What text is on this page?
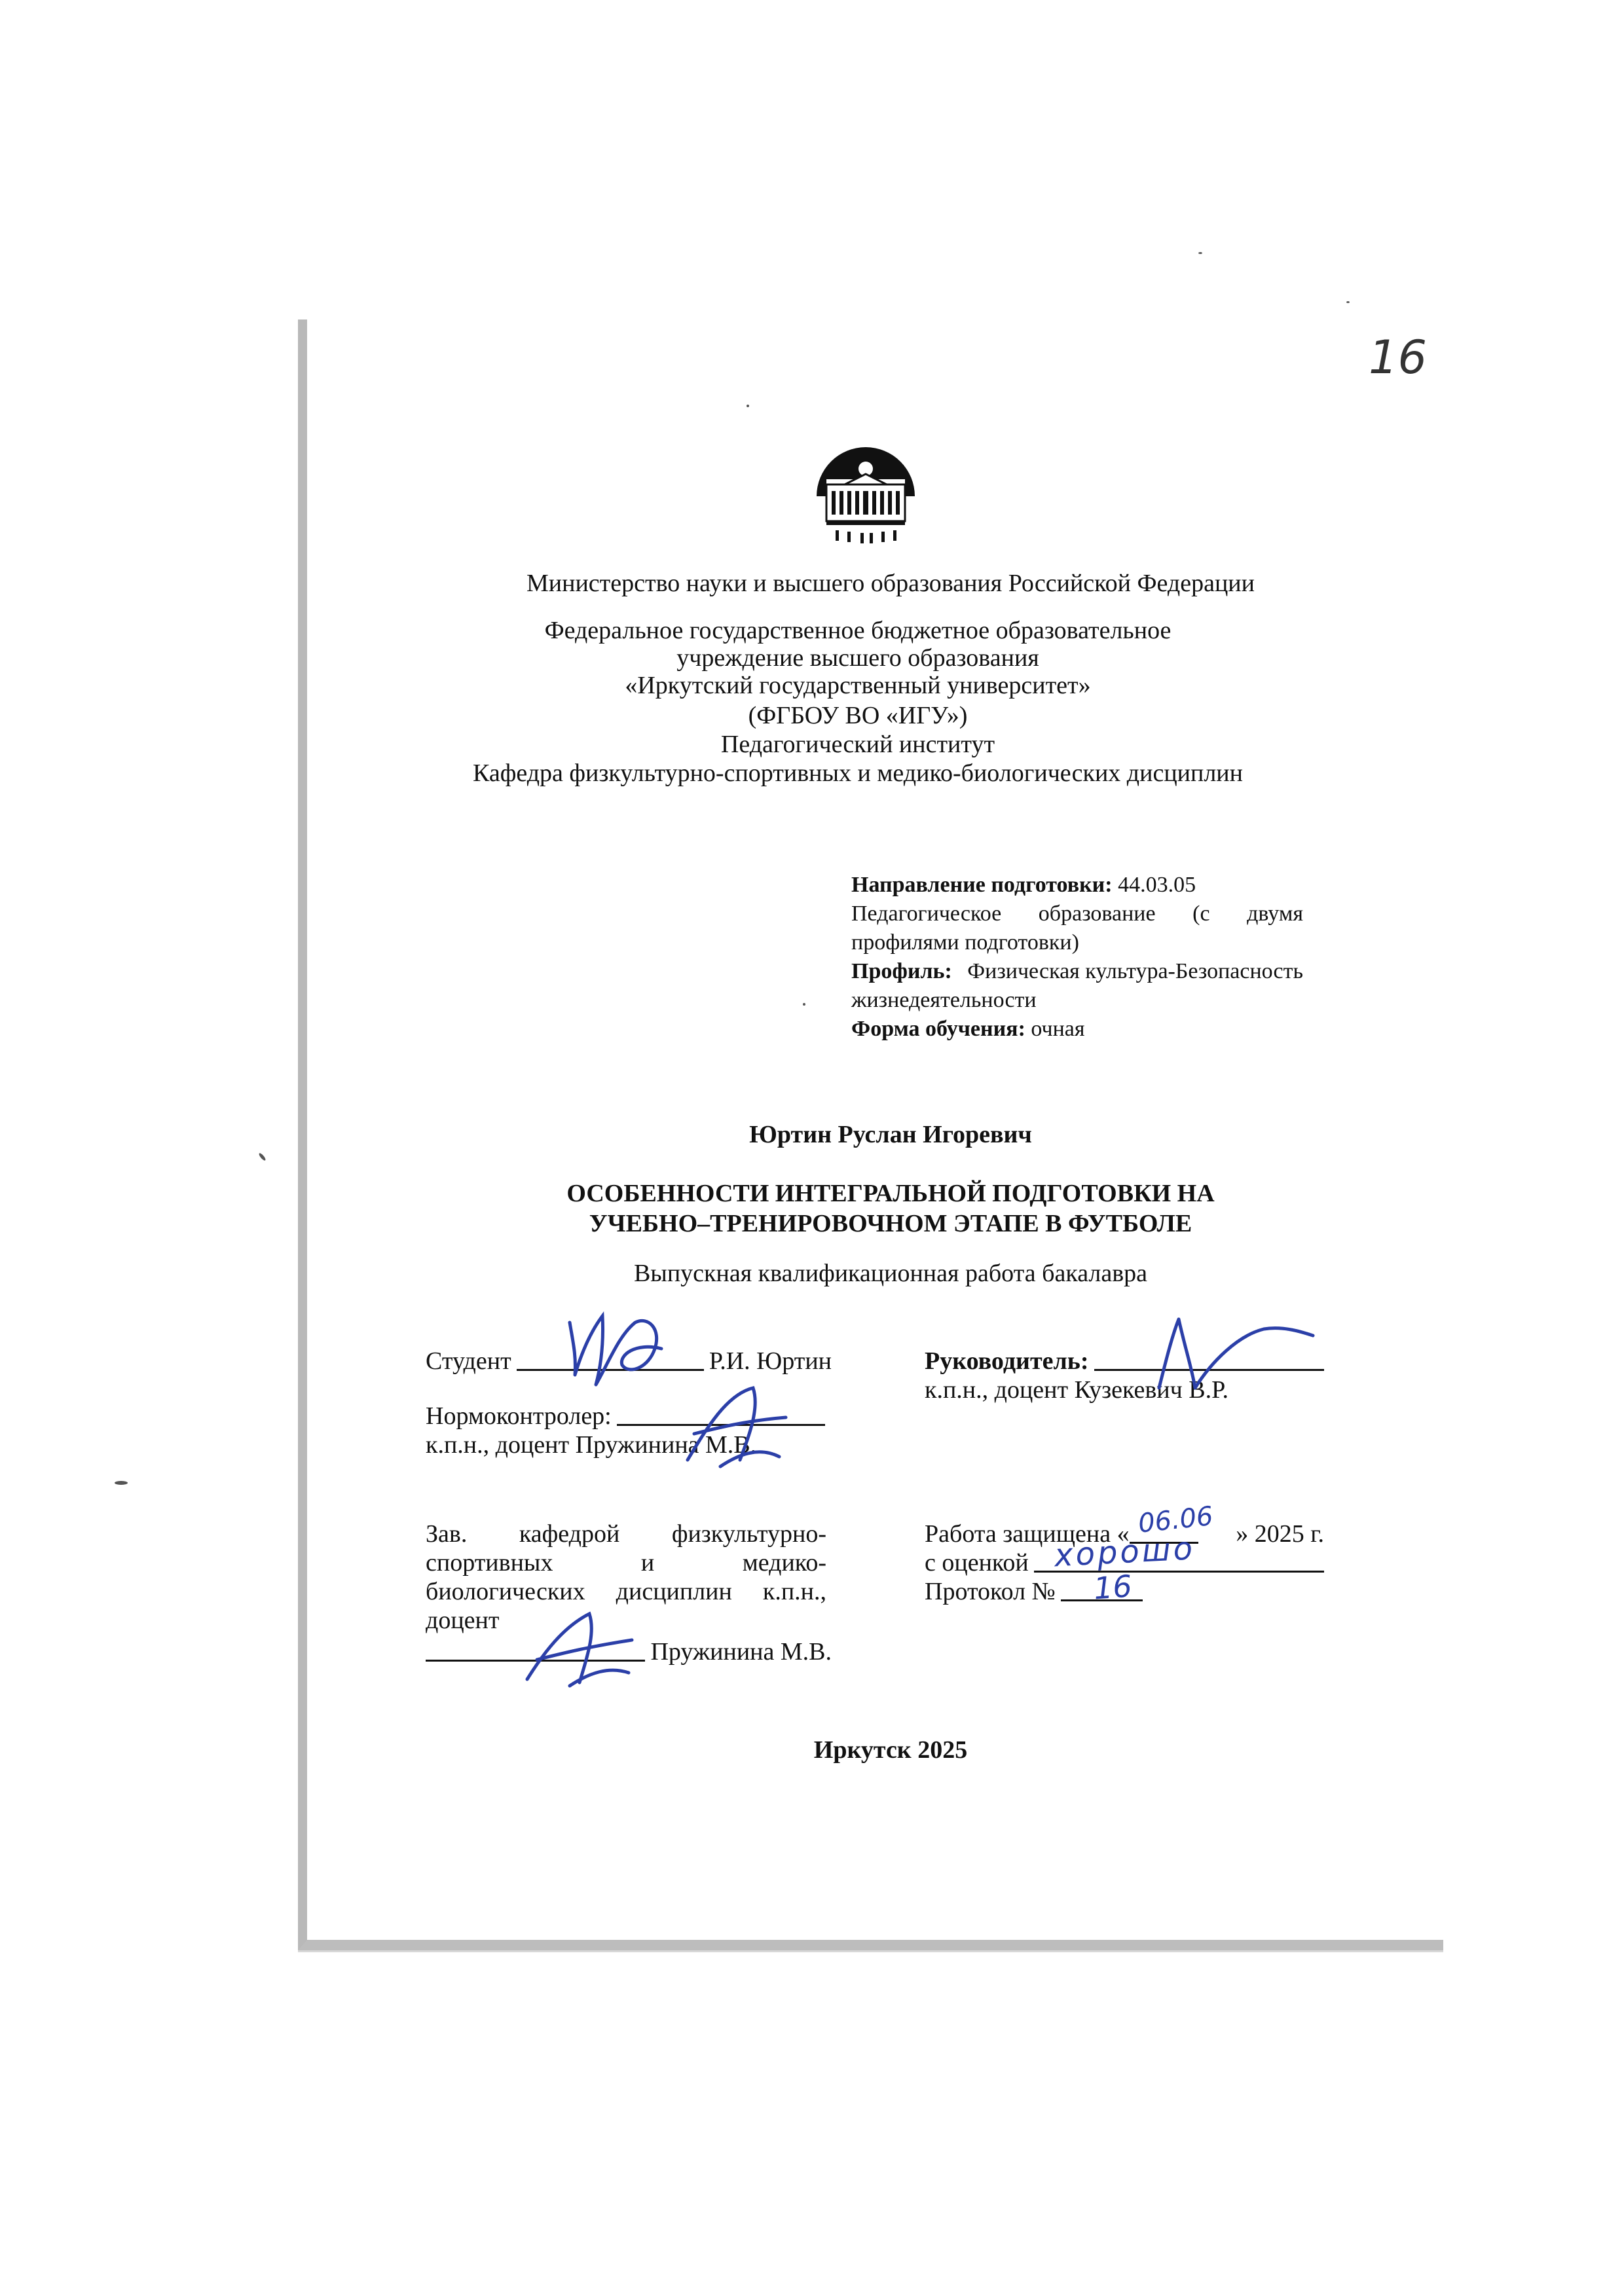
16
Министерство науки и высшего образования Российской Федерации
Федеральное государственное бюджетное образовательное
учреждение высшего образования
«Иркутский государственный университет»
(ФГБОУ ВО «ИГУ»)
Педагогический институт
Кафедра физкультурно-спортивных и медико-биологических дисциплин
Направление подготовки: 44.03.05
Педагогическое образование (с двумя
профилями подготовки)
Профиль: Физическая культура-Безопасность
жизнедеятельности
Форма обучения: очная
Юртин Руслан Игоревич
ОСОБЕННОСТИ ИНТЕГРАЛЬНОЙ ПОДГОТОВКИ НА
УЧЕБНО–ТРЕНИРОВОЧНОМ ЭТАПЕ В ФУТБОЛЕ
Выпускная квалификационная работа бакалавра
Студент	Р.И. Юртин
Нормоконтролер:
к.п.н., доцент Пружинина М.В.
Зав. кафедрой физкультурно-
спортивных и медико-
биологических дисциплин к.п.н.,
доцент
Пружинина М.В.
Руководитель:
к.п.н., доцент Кузекевич В.Р.
Работа защищена «	» 2025 г.
с оценкой
Протокол №
06.06
хорошо
16
Иркутск 2025
